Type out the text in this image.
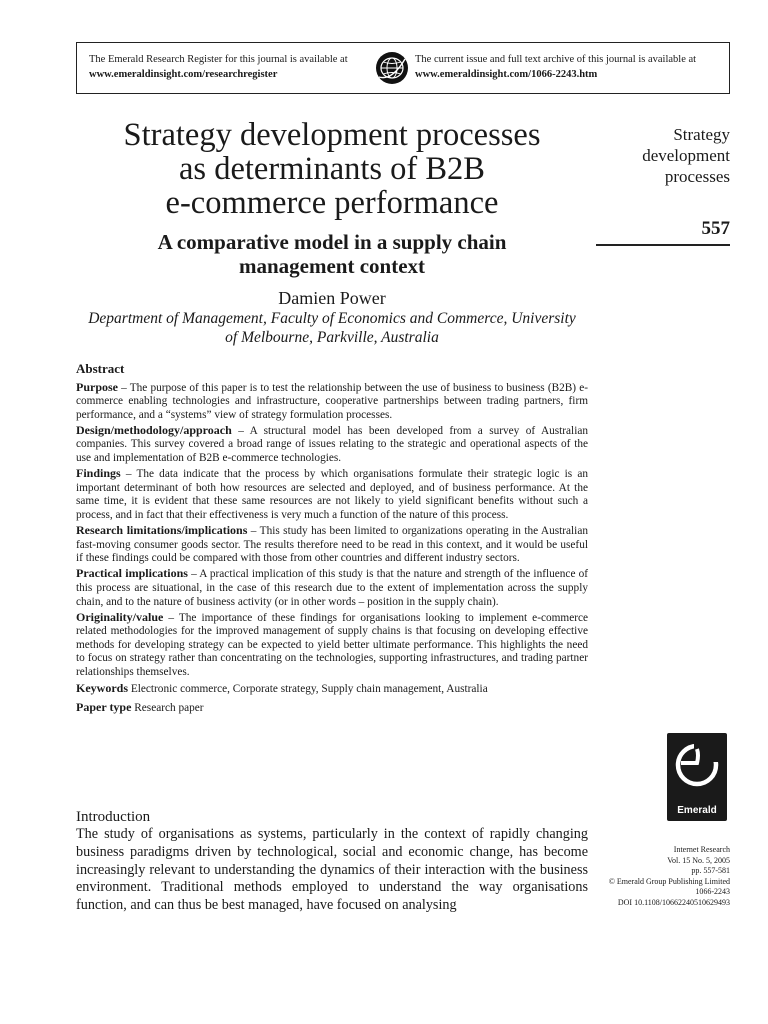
The Emerald Research Register for this journal is available at
www.emeraldinsight.com/researchregister
The current issue and full text archive of this journal is available at
www.emeraldinsight.com/1066-2243.htm
Strategy development processes
as determinants of B2B
e-commerce performance
A comparative model in a supply chain
management context
Damien Power
Department of Management, Faculty of Economics and Commerce, University
of Melbourne, Parkville, Australia
Strategy
development
processes
557
Abstract

Purpose – The purpose of this paper is to test the relationship between the use of business to business (B2B) e-commerce enabling technologies and infrastructure, cooperative partnerships between trading partners, firm performance, and a “systems” view of strategy formulation processes.

Design/methodology/approach – A structural model has been developed from a survey of Australian companies. This survey covered a broad range of issues relating to the strategic and operational aspects of the use and implementation of B2B e-commerce technologies.

Findings – The data indicate that the process by which organisations formulate their strategic logic is an important determinant of both how resources are selected and deployed, and of business performance. At the same time, it is evident that these same resources are not likely to yield significant benefits without such a process, and in fact that their effectiveness is very much a function of the nature of this process.

Research limitations/implications – This study has been limited to organizations operating in the Australian fast-moving consumer goods sector. The results therefore need to be read in this context, and it would be useful if these findings could be compared with those from other countries and different industry sectors.

Practical implications – A practical implication of this study is that the nature and strength of the influence of this process are situational, in the case of this research due to the extent of implementation across the supply chain, and to the nature of business activity (or in other words – position in the supply chain).

Originality/value – The importance of these findings for organisations looking to implement e-commerce related methodologies for the improved management of supply chains is that focusing on developing effective methods for developing strategy can be expected to yield better ultimate performance. This highlights the need to focus on strategy rather than concentrating on the technologies, supporting infrastructures, and trading partner relationships themselves.

Keywords Electronic commerce, Corporate strategy, Supply chain management, Australia

Paper type Research paper

Introduction

The study of organisations as systems, particularly in the context of rapidly changing business paradigms driven by technological, social and economic change, has become increasingly relevant to understanding the dynamics of their interaction with the business environment. Traditional methods employed to understand the way organisations function, and can thus be best managed, have focused on analysing

Emerald
Internet Research
Vol. 15 No. 5, 2005
pp. 557-581
© Emerald Group Publishing Limited
1066-2243
DOI 10.1108/10662240510629493
